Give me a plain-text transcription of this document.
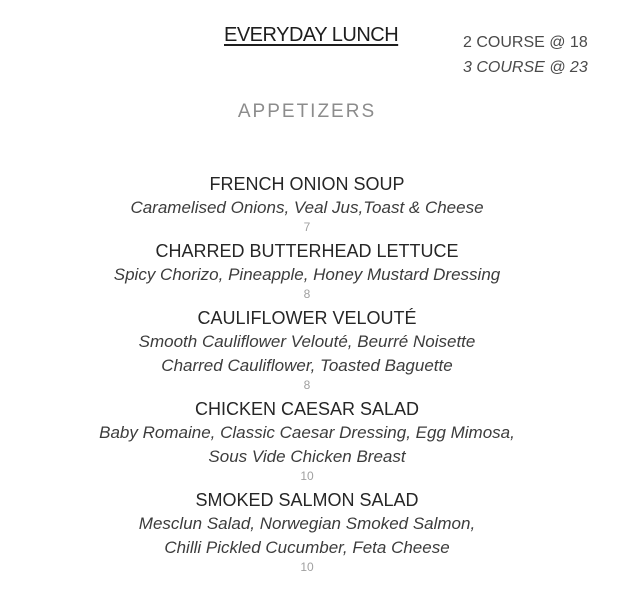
EVERYDAY LUNCH	2 COURSE @ 18
3 COURSE @ 23
APPETIZERS
FRENCH ONION SOUP
Caramelised Onions, Veal Jus,Toast & Cheese
7
CHARRED BUTTERHEAD LETTUCE
Spicy Chorizo, Pineapple, Honey Mustard Dressing
8
CAULIFLOWER VELOUTÉ
Smooth Cauliflower Velouté, Beurré Noisette
Charred Cauliflower, Toasted Baguette
8
CHICKEN CAESAR SALAD
Baby Romaine, Classic Caesar Dressing, Egg Mimosa,
Sous Vide Chicken Breast
10
SMOKED SALMON SALAD
Mesclun Salad, Norwegian Smoked Salmon,
Chilli Pickled Cucumber, Feta Cheese
10
